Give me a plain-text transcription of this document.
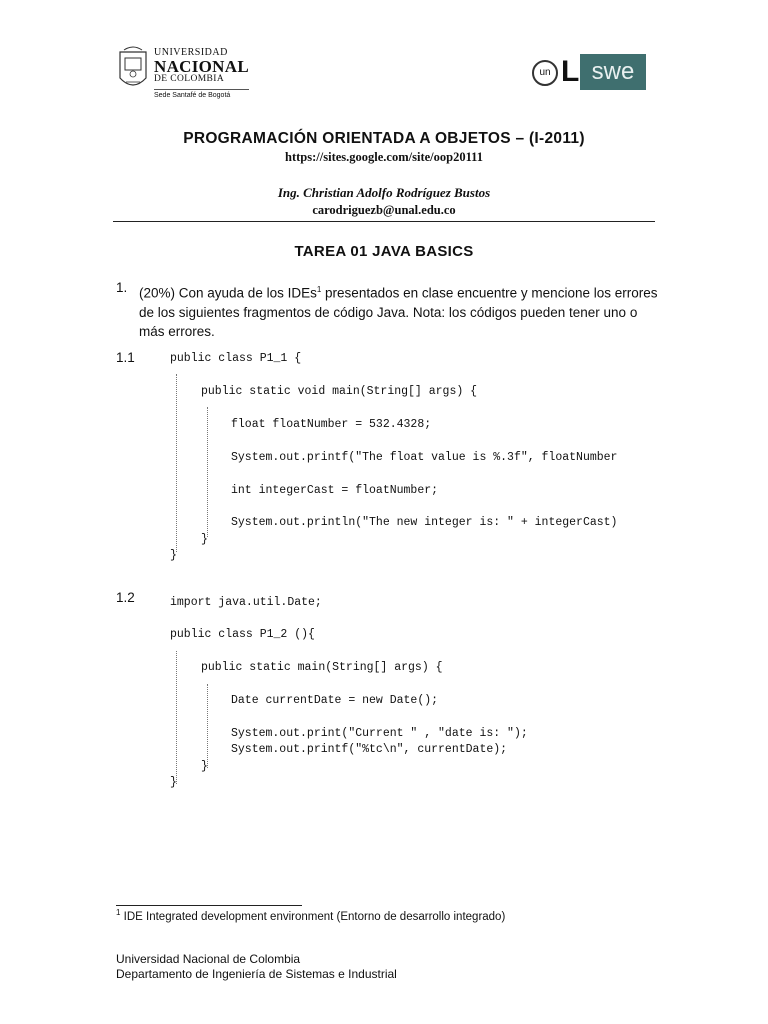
UNIVERSIDAD
NACIONAL
DE COLOMBIA
Sede Santafé de Bogotá
un L swe
PROGRAMACIÓN ORIENTADA A OBJETOS – (I-2011)
https://sites.google.com/site/oop20111
Ing. Christian Adolfo Rodríguez Bustos
carodriguezb@unal.edu.co
TAREA 01 JAVA BASICS
1. (20%) Con ayuda de los IDEs$^1$ presentados en clase encuentre y mencione los errores de los siguientes fragmentos de código Java. Nota: los códigos pueden tener uno o más errores.
1.1	public class P1_1 {
public static void main(String[] args) {
float floatNumber = 532.4328;
System.out.printf("The float value is %.3f", floatNumber
int integerCast = floatNumber;
System.out.println("The new integer is: " + integerCast)
}
}
1.2	import java.util.Date;
public class P1_2 (){
public static main(String[] args) {
Date currentDate = new Date();
System.out.print("Current " , "date is: ");
System.out.printf("%tc\n", currentDate);
}
}
$^1$ IDE Integrated development environment (Entorno de desarrollo integrado)
Universidad Nacional de Colombia
Departamento de Ingeniería de Sistemas e Industrial
